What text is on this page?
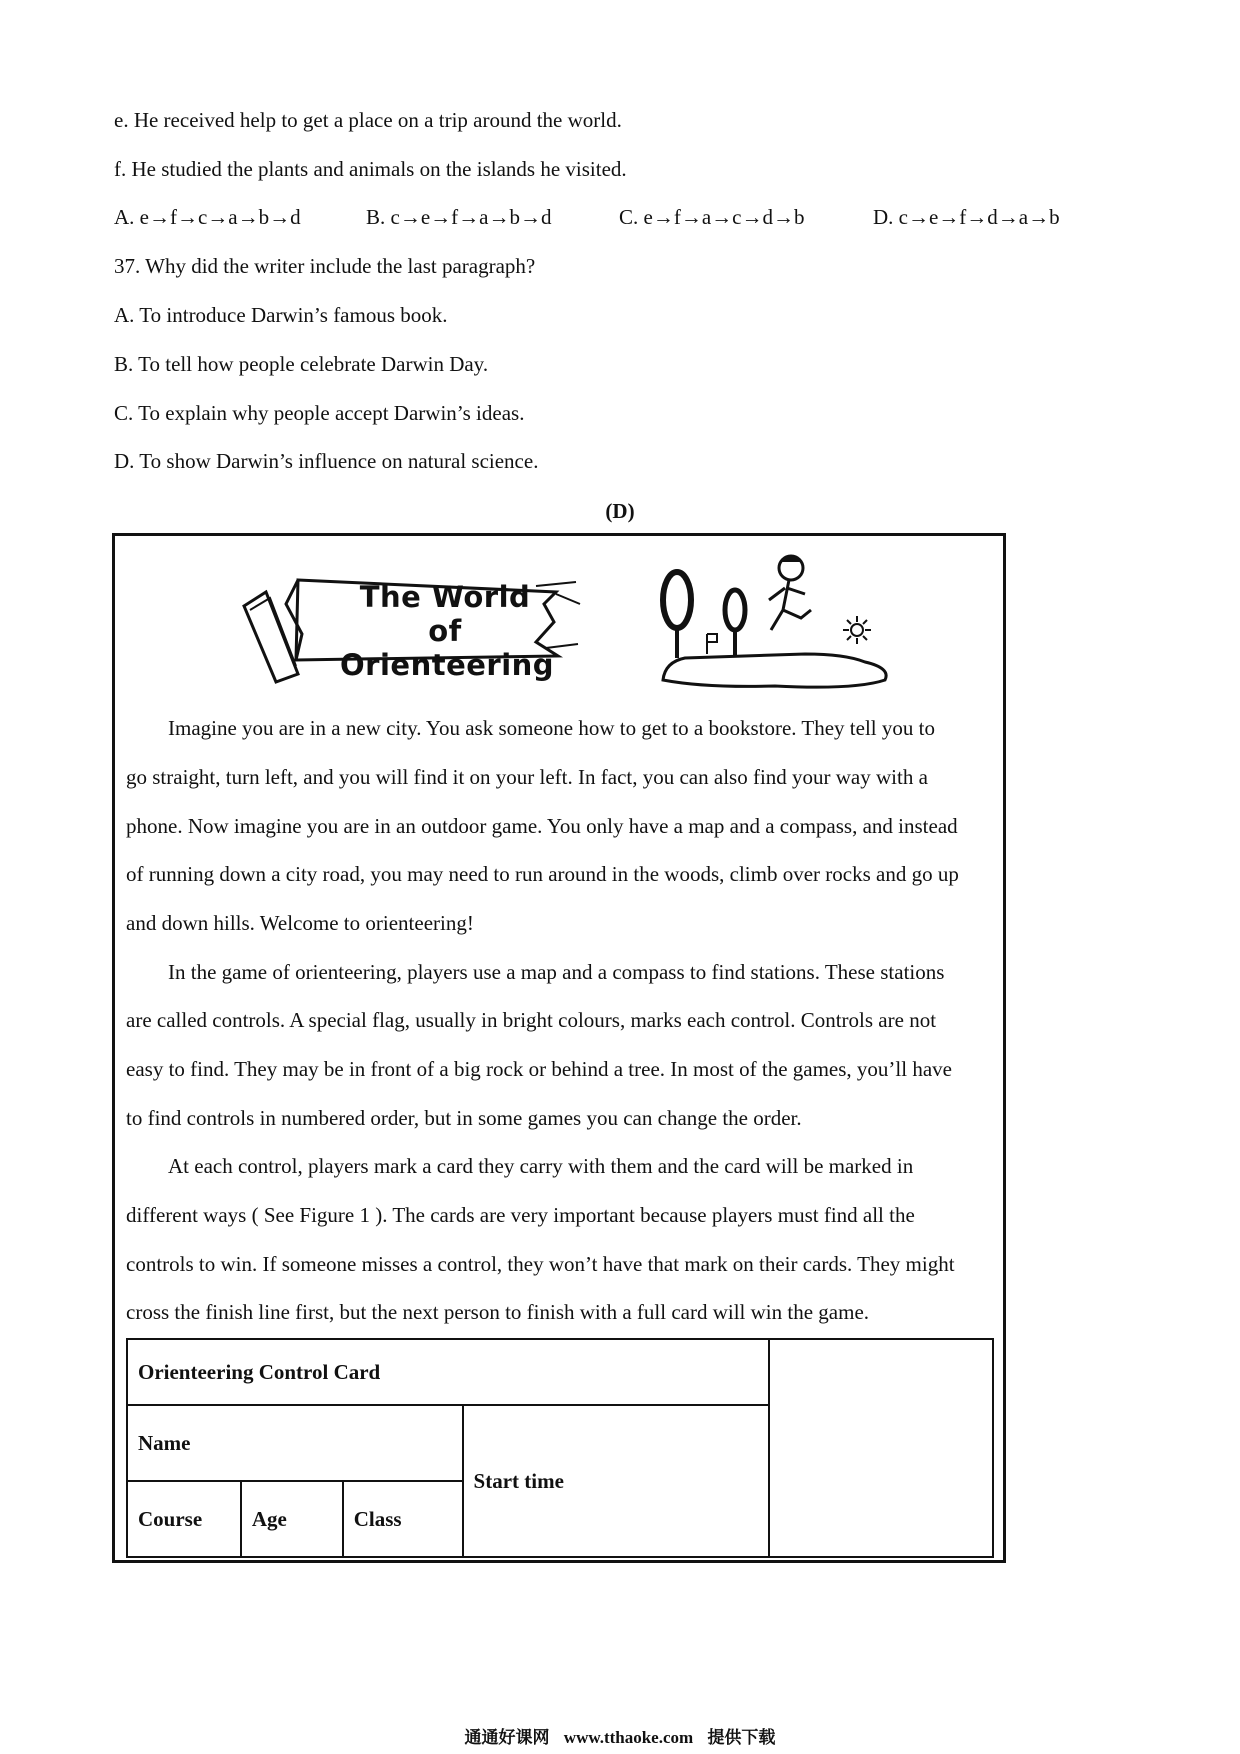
e. He received help to get a place on a trip around the world.
f. He studied the plants and animals on the islands he visited.
A. e→f→c→a→b→d	B. c→e→f→a→b→d	C. e→f→a→c→d→b	D. c→e→f→d→a→b
37. Why did the writer include the last paragraph?
A. To introduce Darwin’s famous book.
B. To tell how people celebrate Darwin Day.
C. To explain why people accept Darwin’s ideas.
D. To show Darwin’s influence on natural science.
(D)
The World of
Orienteering
Imagine you are in a new city. You ask someone how to get to a bookstore. They tell you to
go straight, turn left, and you will find it on your left. In fact, you can also find your way with a
phone. Now imagine you are in an outdoor game. You only have a map and a compass, and instead
of running down a city road, you may need to run around in the woods, climb over rocks and go up
and down hills. Welcome to orienteering!
In the game of orienteering, players use a map and a compass to find stations. These stations
are called controls. A special flag, usually in bright colours, marks each control. Controls are not
easy to find. They may be in front of a big rock or behind a tree. In most of the games, you’ll have
to find controls in numbered order, but in some games you can change the order.
At each control, players mark a card they carry with them and the card will be marked in
different ways ( See Figure 1 ). The cards are very important because players must find all the
controls to win. If someone misses a control, they won’t have that mark on their cards. They might
cross the finish line first, but the next person to finish with a full card will win the game.
Orienteering Control Card				
Name			Start time	
Course	Age	Class		
通通好课网 www.tthaoke.com 提供下载
